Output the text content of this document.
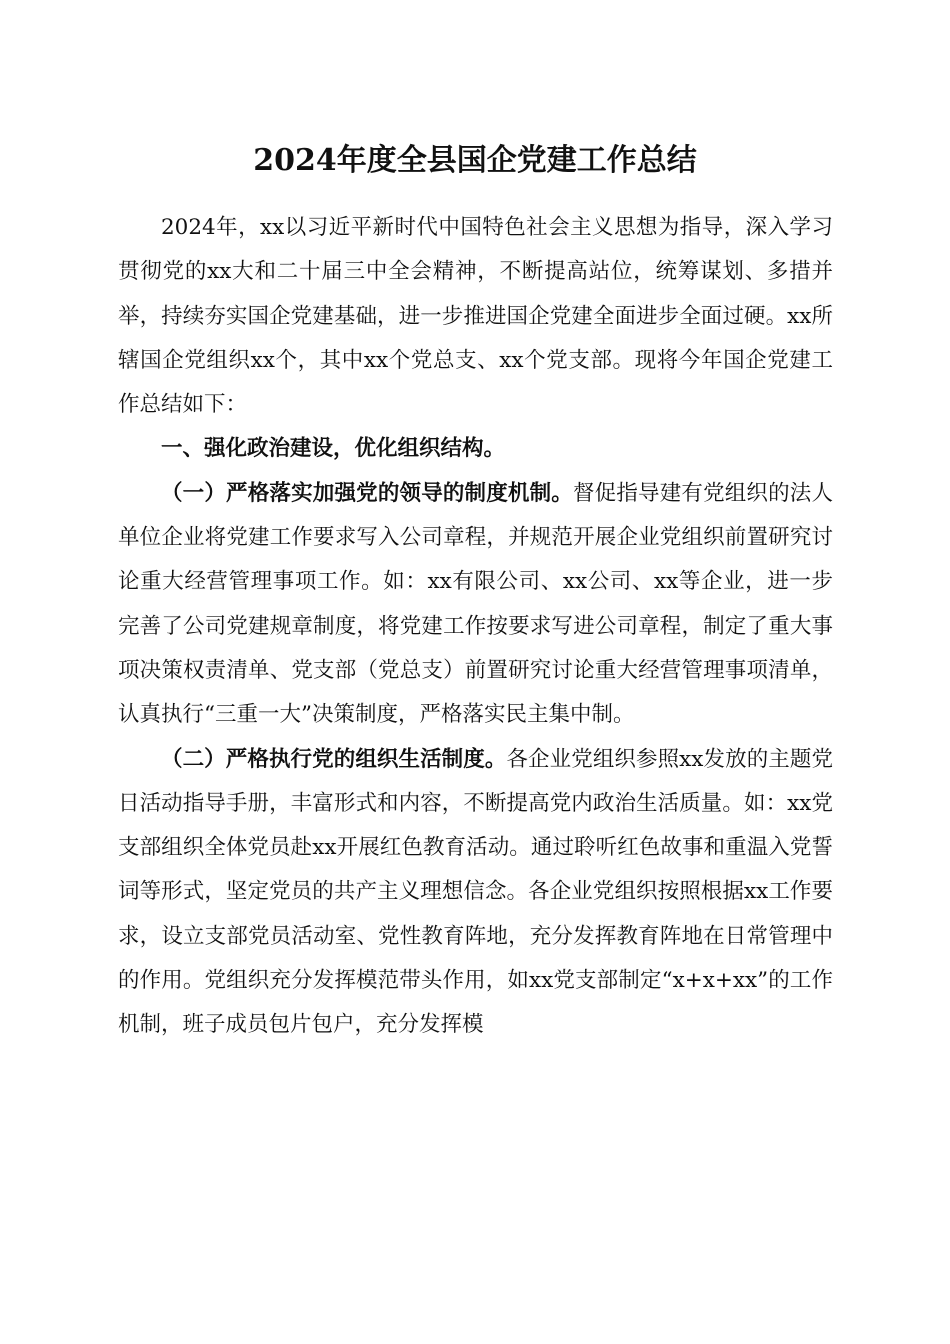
2024年度全县国企党建工作总结

2024年，xx以习近平新时代中国特色社会主义思想为指导，深入学习贯彻党的xx大和二十届三中全会精神，不断提高站位，统筹谋划、多措并举，持续夯实国企党建基础，进一步推进国企党建全面进步全面过硬。xx所辖国企党组织xx个，其中xx个党总支、xx个党支部。现将今年国企党建工作总结如下：

一、强化政治建设，优化组织结构。

（一）严格落实加强党的领导的制度机制。督促指导建有党组织的法人单位企业将党建工作要求写入公司章程，并规范开展企业党组织前置研究讨论重大经营管理事项工作。如：xx有限公司、xx公司、xx等企业，进一步完善了公司党建规章制度，将党建工作按要求写进公司章程，制定了重大事项决策权责清单、党支部（党总支）前置研究讨论重大经营管理事项清单，认真执行“三重一大”决策制度，严格落实民主集中制。

（二）严格执行党的组织生活制度。各企业党组织参照xx发放的主题党日活动指导手册，丰富形式和内容，不断提高党内政治生活质量。如：xx党支部组织全体党员赴xx开展红色教育活动。通过聆听红色故事和重温入党誓词等形式，坚定党员的共产主义理想信念。各企业党组织按照根据xx工作要求，设立支部党员活动室、党性教育阵地，充分发挥教育阵地在日常管理中的作用。党组织充分发挥模范带头作用，如xx党支部制定“x+x+xx”的工作机制，班子成员包片包户，充分发挥模
